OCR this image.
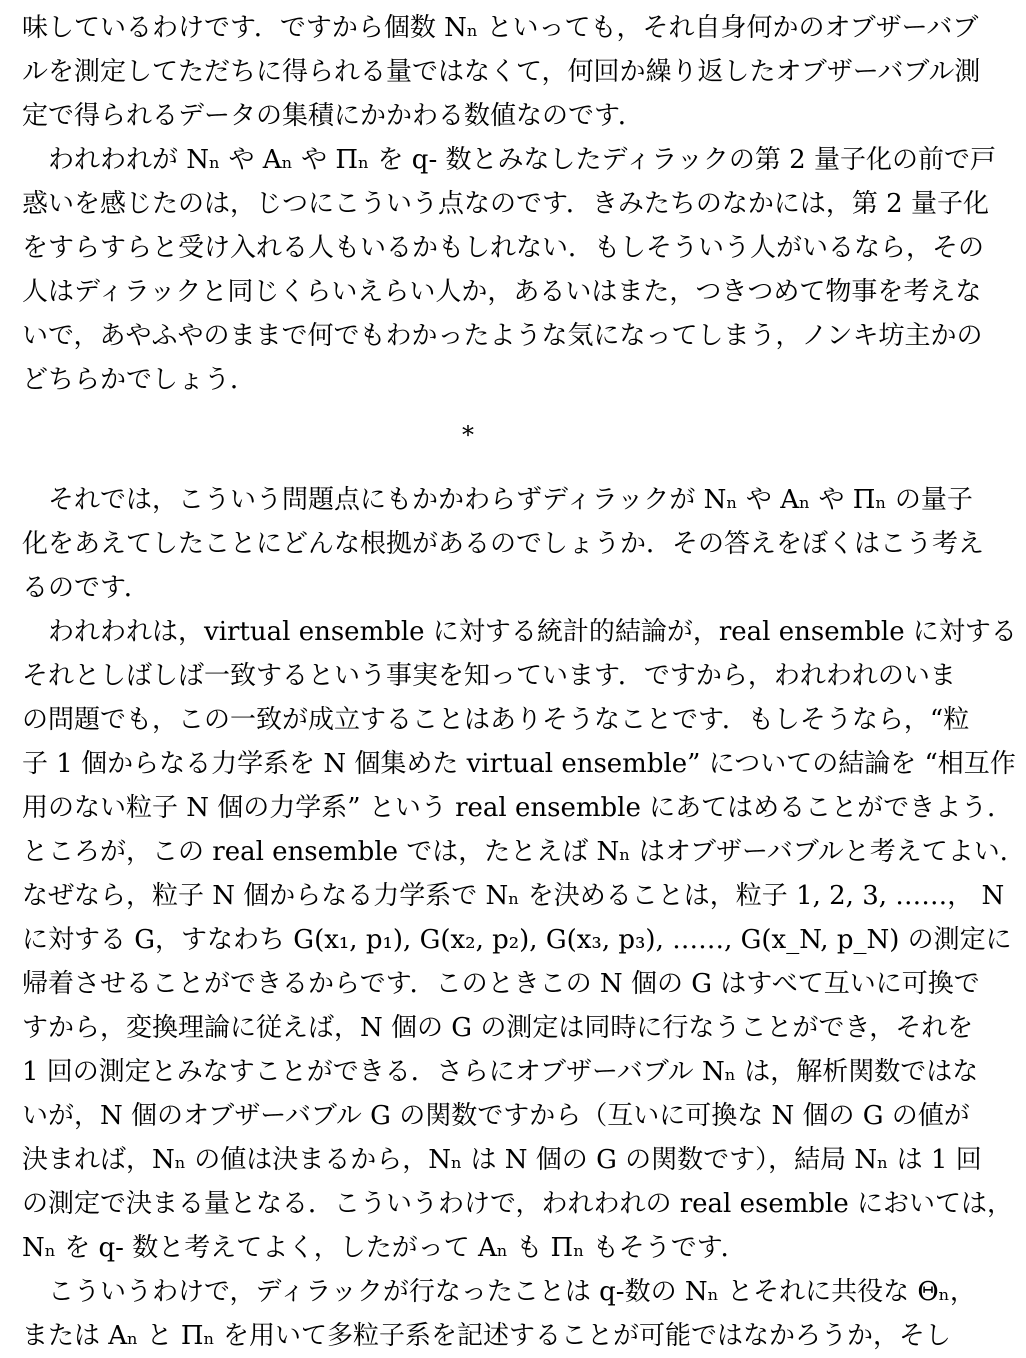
味しているわけです．ですから個数 Nₙ といっても，それ自身何かのオブザーバブ
ルを測定してただちに得られる量ではなくて，何回か繰り返したオブザーバブル測
定で得られるデータの集積にかかわる数値なのです．
われわれが Nₙ や Aₙ や Πₙ を q- 数とみなしたディラックの第 2 量子化の前で戸
惑いを感じたのは，じつにこういう点なのです．きみたちのなかには，第 2 量子化
をすらすらと受け入れる人もいるかもしれない．もしそういう人がいるなら，その
人はディラックと同じくらいえらい人か，あるいはまた，つきつめて物事を考えな
いで，あやふやのままで何でもわかったような気になってしまう，ノンキ坊主かの
どちらかでしょう．
*
それでは，こういう問題点にもかかわらずディラックが Nₙ や Aₙ や Πₙ の量子
化をあえてしたことにどんな根拠があるのでしょうか．その答えをぼくはこう考え
るのです．
われわれは，virtual ensemble に対する統計的結論が，real ensemble に対する
それとしばしば一致するという事実を知っています．ですから，われわれのいま
の問題でも，この一致が成立することはありそうなことです．もしそうなら，“粒
子 1 個からなる力学系を N 個集めた virtual ensemble” についての結論を “相互作
用のない粒子 N 個の力学系” という real ensemble にあてはめることができよう．
ところが，この real ensemble では，たとえば Nₙ はオブザーバブルと考えてよい．
なぜなら，粒子 N 個からなる力学系で Nₙ を決めることは，粒子 1, 2, 3, ……， N
に対する G，すなわち G(x₁, p₁), G(x₂, p₂), G(x₃, p₃), ……, G(x_N, p_N) の測定に
帰着させることができるからです．このときこの N 個の G はすべて互いに可換で
すから，変換理論に従えば，N 個の G の測定は同時に行なうことができ，それを
1 回の測定とみなすことができる．さらにオブザーバブル Nₙ は，解析関数ではな
いが，N 個のオブザーバブル G の関数ですから（互いに可換な N 個の G の値が
決まれば，Nₙ の値は決まるから，Nₙ は N 個の G の関数です），結局 Nₙ は 1 回
の測定で決まる量となる．こういうわけで，われわれの real esemble においては，
Nₙ を q- 数と考えてよく，したがって Aₙ も Πₙ もそうです．
こういうわけで，ディラックが行なったことは q-数の Nₙ とそれに共役な Θₙ，
または Aₙ と Πₙ を用いて多粒子系を記述することが可能ではなかろうか，そし
